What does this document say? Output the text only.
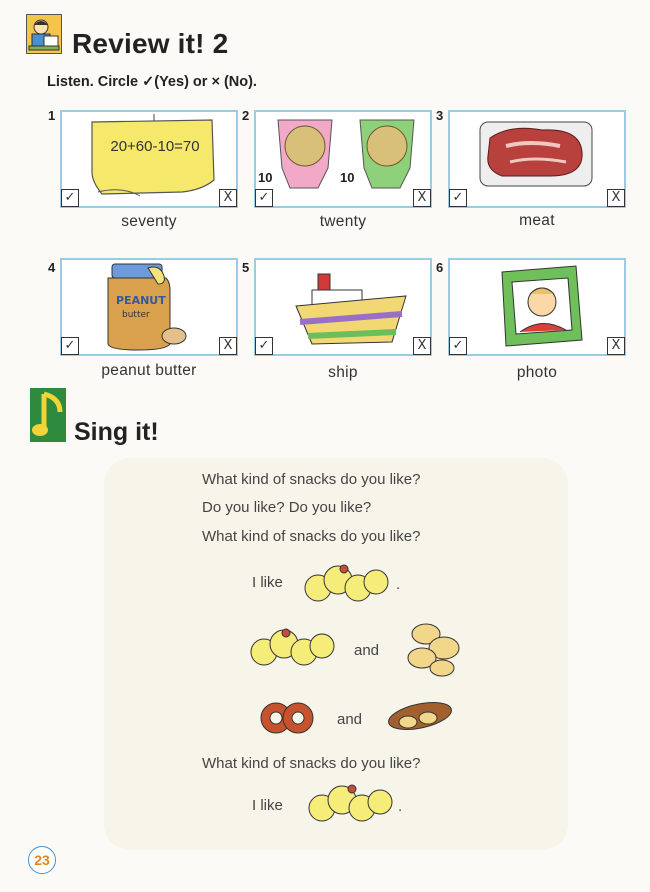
Review it! 2
Listen. Circle ✓(Yes) or × (No).
1
20+60-10=70
✓	X
seventy
2
10	10
✓	X
twenty
3
✓	X
meat
4
PEANUT
butter
✓	X
peanut butter
5
✓	X
ship
6
✓	X
photo
Sing it!
What kind of snacks do you like?
Do you like? Do you like?
What kind of snacks do you like?
I like	.
and
and
What kind of snacks do you like?
I like	.
23
